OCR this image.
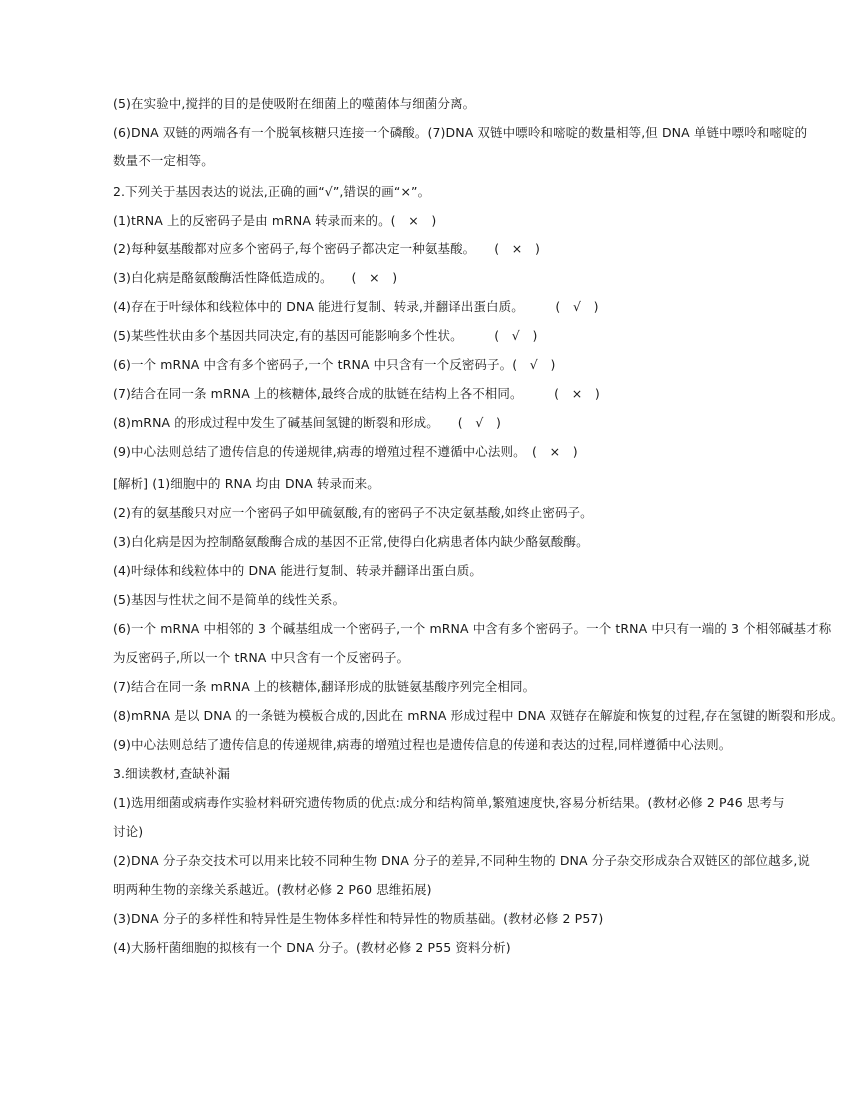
(5)在实验中,搅拌的目的是使吸附在细菌上的噬菌体与细菌分离。
(6)DNA 双链的两端各有一个脱氧核糖只连接一个磷酸。(7)DNA 双链中嘌呤和嘧啶的数量相等,但 DNA 单链中嘌呤和嘧啶的
数量不一定相等。
2.下列关于基因表达的说法,正确的画“√”,错误的画“×”。
(1)tRNA 上的反密码子是由 mRNA 转录而来的。(　×　)
(2)每种氨基酸都对应多个密码子,每个密码子都决定一种氨基酸。　　(　×　)
(3)白化病是酪氨酸酶活性降低造成的。　　(　×　)
(4)存在于叶绿体和线粒体中的 DNA 能进行复制、转录,并翻译出蛋白质。　　　(　√　)
(5)某些性状由多个基因共同决定,有的基因可能影响多个性状。　　　(　√　)
(6)一个 mRNA 中含有多个密码子,一个 tRNA 中只含有一个反密码子。(　√　)
(7)结合在同一条 mRNA 上的核糖体,最终合成的肽链在结构上各不相同。　　　(　×　)
(8)mRNA 的形成过程中发生了碱基间氢键的断裂和形成。　　(　√　)
(9)中心法则总结了遗传信息的传递规律,病毒的增殖过程不遵循中心法则。　(　×　)
[解析] (1)细胞中的 RNA 均由 DNA 转录而来。
(2)有的氨基酸只对应一个密码子如甲硫氨酸,有的密码子不决定氨基酸,如终止密码子。
(3)白化病是因为控制酪氨酸酶合成的基因不正常,使得白化病患者体内缺少酪氨酸酶。
(4)叶绿体和线粒体中的 DNA 能进行复制、转录并翻译出蛋白质。
(5)基因与性状之间不是简单的线性关系。
(6)一个 mRNA 中相邻的 3 个碱基组成一个密码子,一个 mRNA 中含有多个密码子。一个 tRNA 中只有一端的 3 个相邻碱基才称
为反密码子,所以一个 tRNA 中只含有一个反密码子。
(7)结合在同一条 mRNA 上的核糖体,翻译形成的肽链氨基酸序列完全相同。
(8)mRNA 是以 DNA 的一条链为模板合成的,因此在 mRNA 形成过程中 DNA 双链存在解旋和恢复的过程,存在氢键的断裂和形成。
(9)中心法则总结了遗传信息的传递规律,病毒的增殖过程也是遗传信息的传递和表达的过程,同样遵循中心法则。
3.细读教材,查缺补漏
(1)选用细菌或病毒作实验材料研究遗传物质的优点:成分和结构简单,繁殖速度快,容易分析结果。(教材必修 2 P46 思考与
讨论)
(2)DNA 分子杂交技术可以用来比较不同种生物 DNA 分子的差异,不同种生物的 DNA 分子杂交形成杂合双链区的部位越多,说
明两种生物的亲缘关系越近。(教材必修 2 P60 思维拓展)
(3)DNA 分子的多样性和特异性是生物体多样性和特异性的物质基础。(教材必修 2 P57)
(4)大肠杆菌细胞的拟核有一个 DNA 分子。(教材必修 2 P55 资料分析)
